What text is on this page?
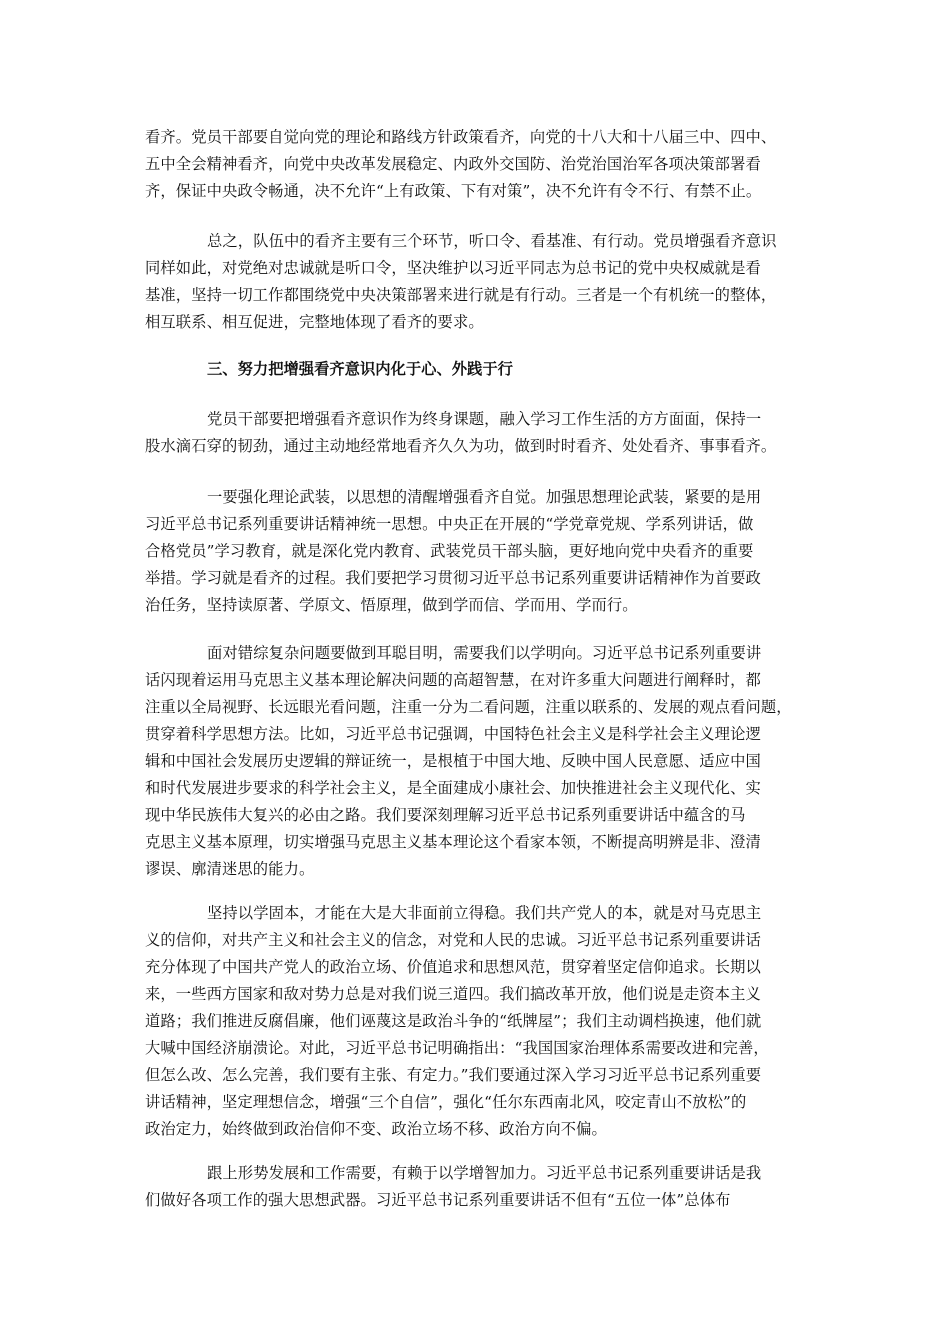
看齐。党员干部要自觉向党的理论和路线方针政策看齐，向党的十八大和十八届三中、四中、
五中全会精神看齐，向党中央改革发展稳定、内政外交国防、治党治国治军各项决策部署看
齐，保证中央政令畅通，决不允许“上有政策、下有对策”，决不允许有令不行、有禁不止。
总之，队伍中的看齐主要有三个环节，听口令、看基准、有行动。党员增强看齐意识
同样如此，对党绝对忠诚就是听口令，坚决维护以习近平同志为总书记的党中央权威就是看
基准，坚持一切工作都围绕党中央决策部署来进行就是有行动。三者是一个有机统一的整体，
相互联系、相互促进，完整地体现了看齐的要求。
三、努力把增强看齐意识内化于心、外践于行
党员干部要把增强看齐意识作为终身课题，融入学习工作生活的方方面面，保持一
股水滴石穿的韧劲，通过主动地经常地看齐久久为功，做到时时看齐、处处看齐、事事看齐。
一要强化理论武装，以思想的清醒增强看齐自觉。加强思想理论武装，紧要的是用
习近平总书记系列重要讲话精神统一思想。中央正在开展的“学党章党规、学系列讲话，做
合格党员”学习教育，就是深化党内教育、武装党员干部头脑，更好地向党中央看齐的重要
举措。学习就是看齐的过程。我们要把学习贯彻习近平总书记系列重要讲话精神作为首要政
治任务，坚持读原著、学原文、悟原理，做到学而信、学而用、学而行。
面对错综复杂问题要做到耳聪目明，需要我们以学明向。习近平总书记系列重要讲
话闪现着运用马克思主义基本理论解决问题的高超智慧，在对许多重大问题进行阐释时，都
注重以全局视野、长远眼光看问题，注重一分为二看问题，注重以联系的、发展的观点看问题，
贯穿着科学思想方法。比如，习近平总书记强调，中国特色社会主义是科学社会主义理论逻
辑和中国社会发展历史逻辑的辩证统一，是根植于中国大地、反映中国人民意愿、适应中国
和时代发展进步要求的科学社会主义，是全面建成小康社会、加快推进社会主义现代化、实
现中华民族伟大复兴的必由之路。我们要深刻理解习近平总书记系列重要讲话中蕴含的马
克思主义基本原理，切实增强马克思主义基本理论这个看家本领，不断提高明辨是非、澄清
谬误、廓清迷思的能力。
坚持以学固本，才能在大是大非面前立得稳。我们共产党人的本，就是对马克思主
义的信仰，对共产主义和社会主义的信念，对党和人民的忠诚。习近平总书记系列重要讲话
充分体现了中国共产党人的政治立场、价值追求和思想风范，贯穿着坚定信仰追求。长期以
来，一些西方国家和敌对势力总是对我们说三道四。我们搞改革开放，他们说是走资本主义
道路；我们推进反腐倡廉，他们诬蔑这是政治斗争的“纸牌屋”；我们主动调档换速，他们就
大喊中国经济崩溃论。对此，习近平总书记明确指出：“我国国家治理体系需要改进和完善，
但怎么改、怎么完善，我们要有主张、有定力。”我们要通过深入学习习近平总书记系列重要
讲话精神，坚定理想信念，增强“三个自信”，强化“任尔东西南北风，咬定青山不放松”的
政治定力，始终做到政治信仰不变、政治立场不移、政治方向不偏。
跟上形势发展和工作需要，有赖于以学增智加力。习近平总书记系列重要讲话是我
们做好各项工作的强大思想武器。习近平总书记系列重要讲话不但有“五位一体”总体布
